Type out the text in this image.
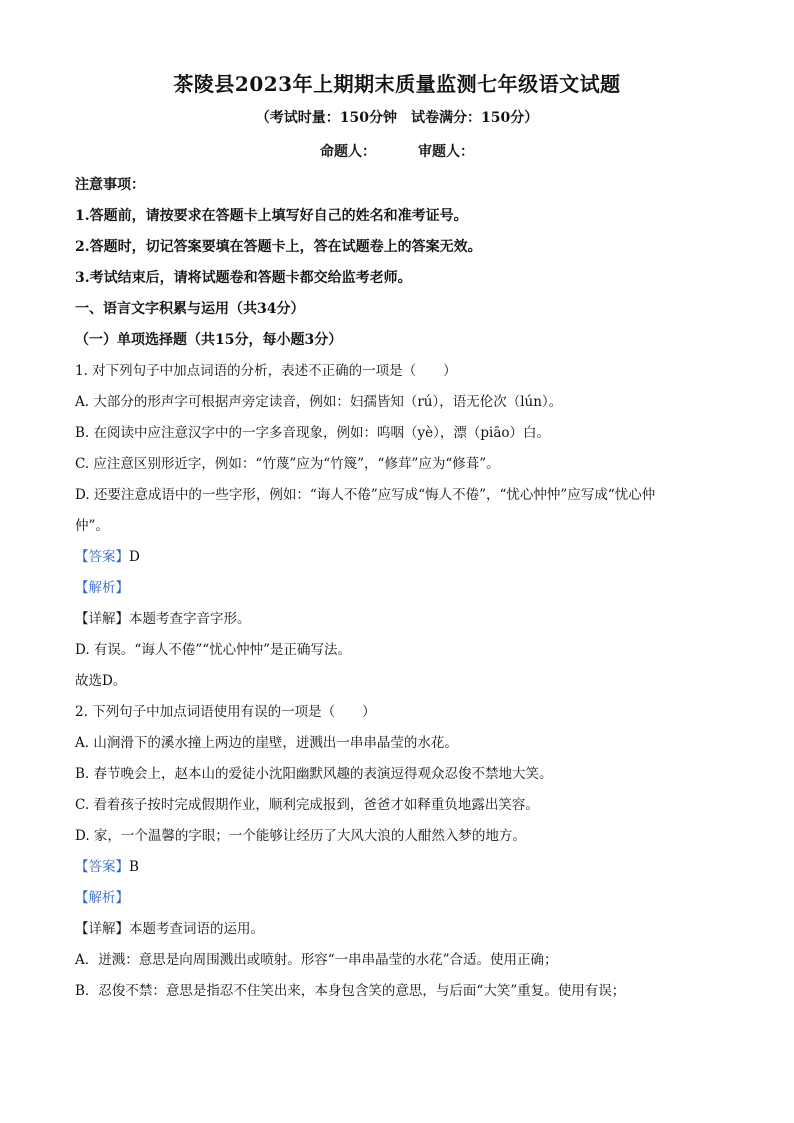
茶陵县2023年上期期末质量监测七年级语文试题
（考试时量：150分钟　试卷满分：150分）
命题人：	审题人：
注意事项：
1.答题前，请按要求在答题卡上填写好自己的姓名和准考证号。
2.答题时，切记答案要填在答题卡上，答在试题卷上的答案无效。
3.考试结束后，请将试题卷和答题卡都交给监考老师。
一、语言文字积累与运用（共34分）
（一）单项选择题（共15分，每小题3分）
1. 对下列句子中加点词语的分析，表述不正确的一项是（　　）
A. 大部分的形声字可根据声旁定读音，例如：妇孺皆知（rú），语无伦次（lún）。
B. 在阅读中应注意汉字中的一字多音现象，例如：呜咽（yè），漂（piāo）白。
C. 应注意区别形近字，例如：“竹蔑”应为“竹篾”，“修茸”应为“修葺”。
D. 还要注意成语中的一些字形，例如：“诲人不倦”应写成“悔人不倦”，“忧心忡忡”应写成“忧心仲
仲”。
【答案】D
【解析】
【详解】本题考查字音字形。
D. 有误。“诲人不倦”“忧心忡忡”是正确写法。
故选D。
2. 下列句子中加点词语使用有误的一项是（　　）
A. 山涧滑下的溪水撞上两边的崖壁，迸溅出一串串晶莹的水花。
B. 春节晚会上，赵本山的爱徒小沈阳幽默风趣的表演逗得观众忍俊不禁地大笑。
C. 看着孩子按时完成假期作业，顺利完成报到，爸爸才如释重负地露出笑容。
D. 家，一个温馨的字眼；一个能够让经历了大风大浪的人酣然入梦的地方。
【答案】B
【解析】
【详解】本题考查词语的运用。
A．迸溅：意思是向周围溅出或喷射。形容“一串串晶莹的水花”合适。使用正确；
B．忍俊不禁：意思是指忍不住笑出来，本身包含笑的意思，与后面“大笑”重复。使用有误；
